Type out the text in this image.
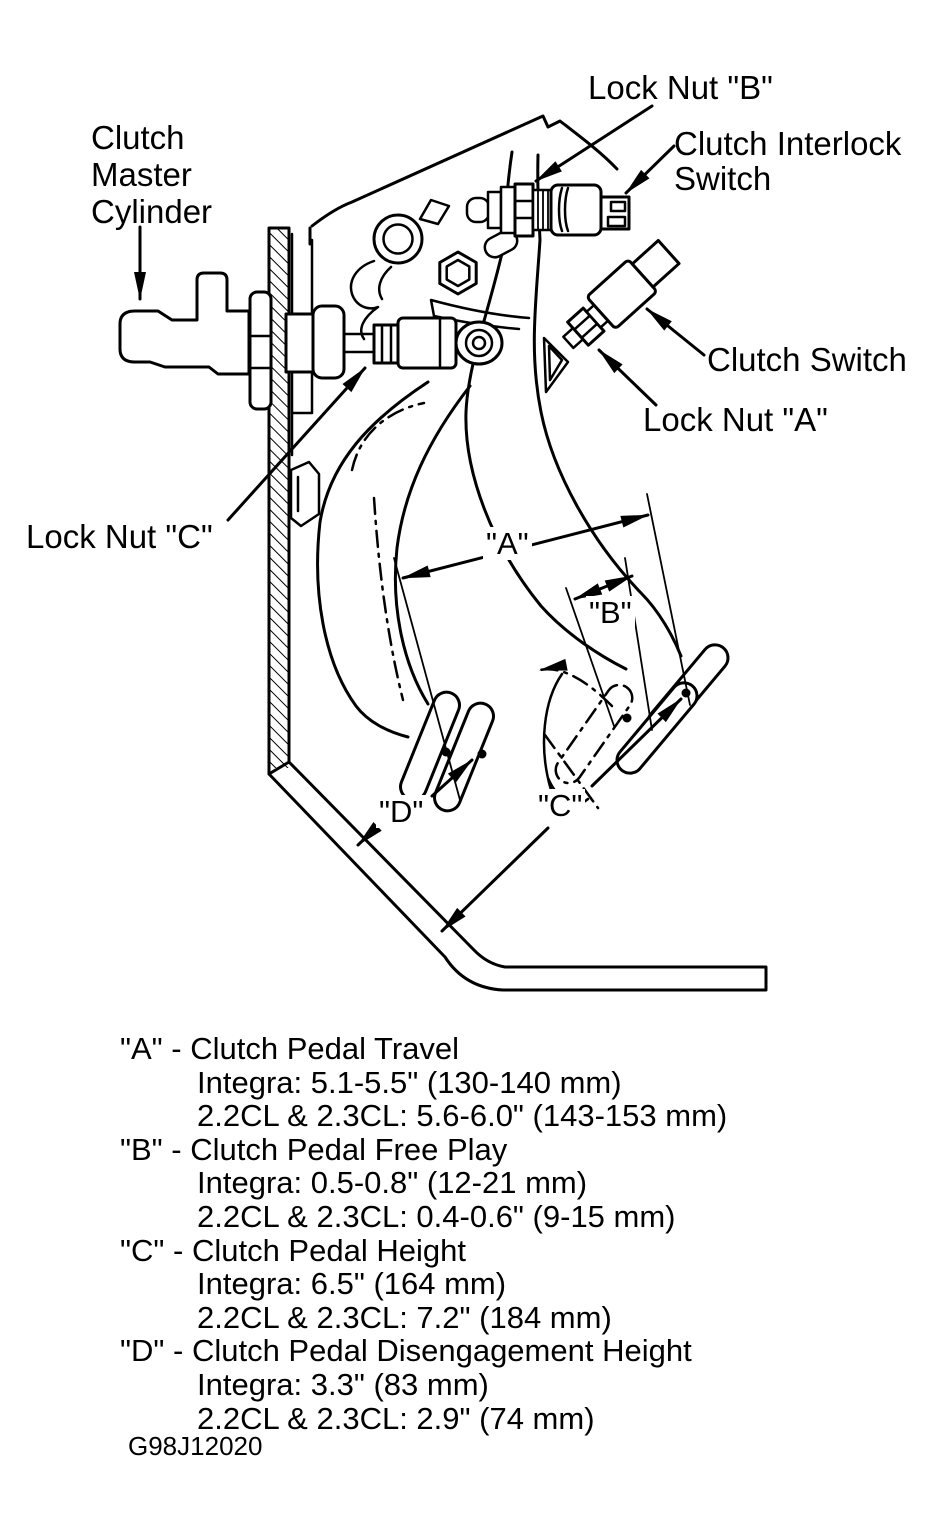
Clutch
Master
Cylinder
Lock Nut "B"
Clutch Interlock
Switch
Clutch Switch
Lock Nut "A"
Lock Nut "C"	"A"
"B"
"C"
"D"
"A" - Clutch Pedal Travel
Integra: 5.1-5.5" (130-140 mm)
2.2CL & 2.3CL: 5.6-6.0" (143-153 mm)
"B" - Clutch Pedal Free Play
Integra: 0.5-0.8" (12-21 mm)
2.2CL & 2.3CL: 0.4-0.6" (9-15 mm)
"C" - Clutch Pedal Height
Integra: 6.5" (164 mm)
2.2CL & 2.3CL: 7.2" (184 mm)
"D" - Clutch Pedal Disengagement Height
Integra: 3.3" (83 mm)
2.2CL & 2.3CL: 2.9" (74 mm)
G98J12020
